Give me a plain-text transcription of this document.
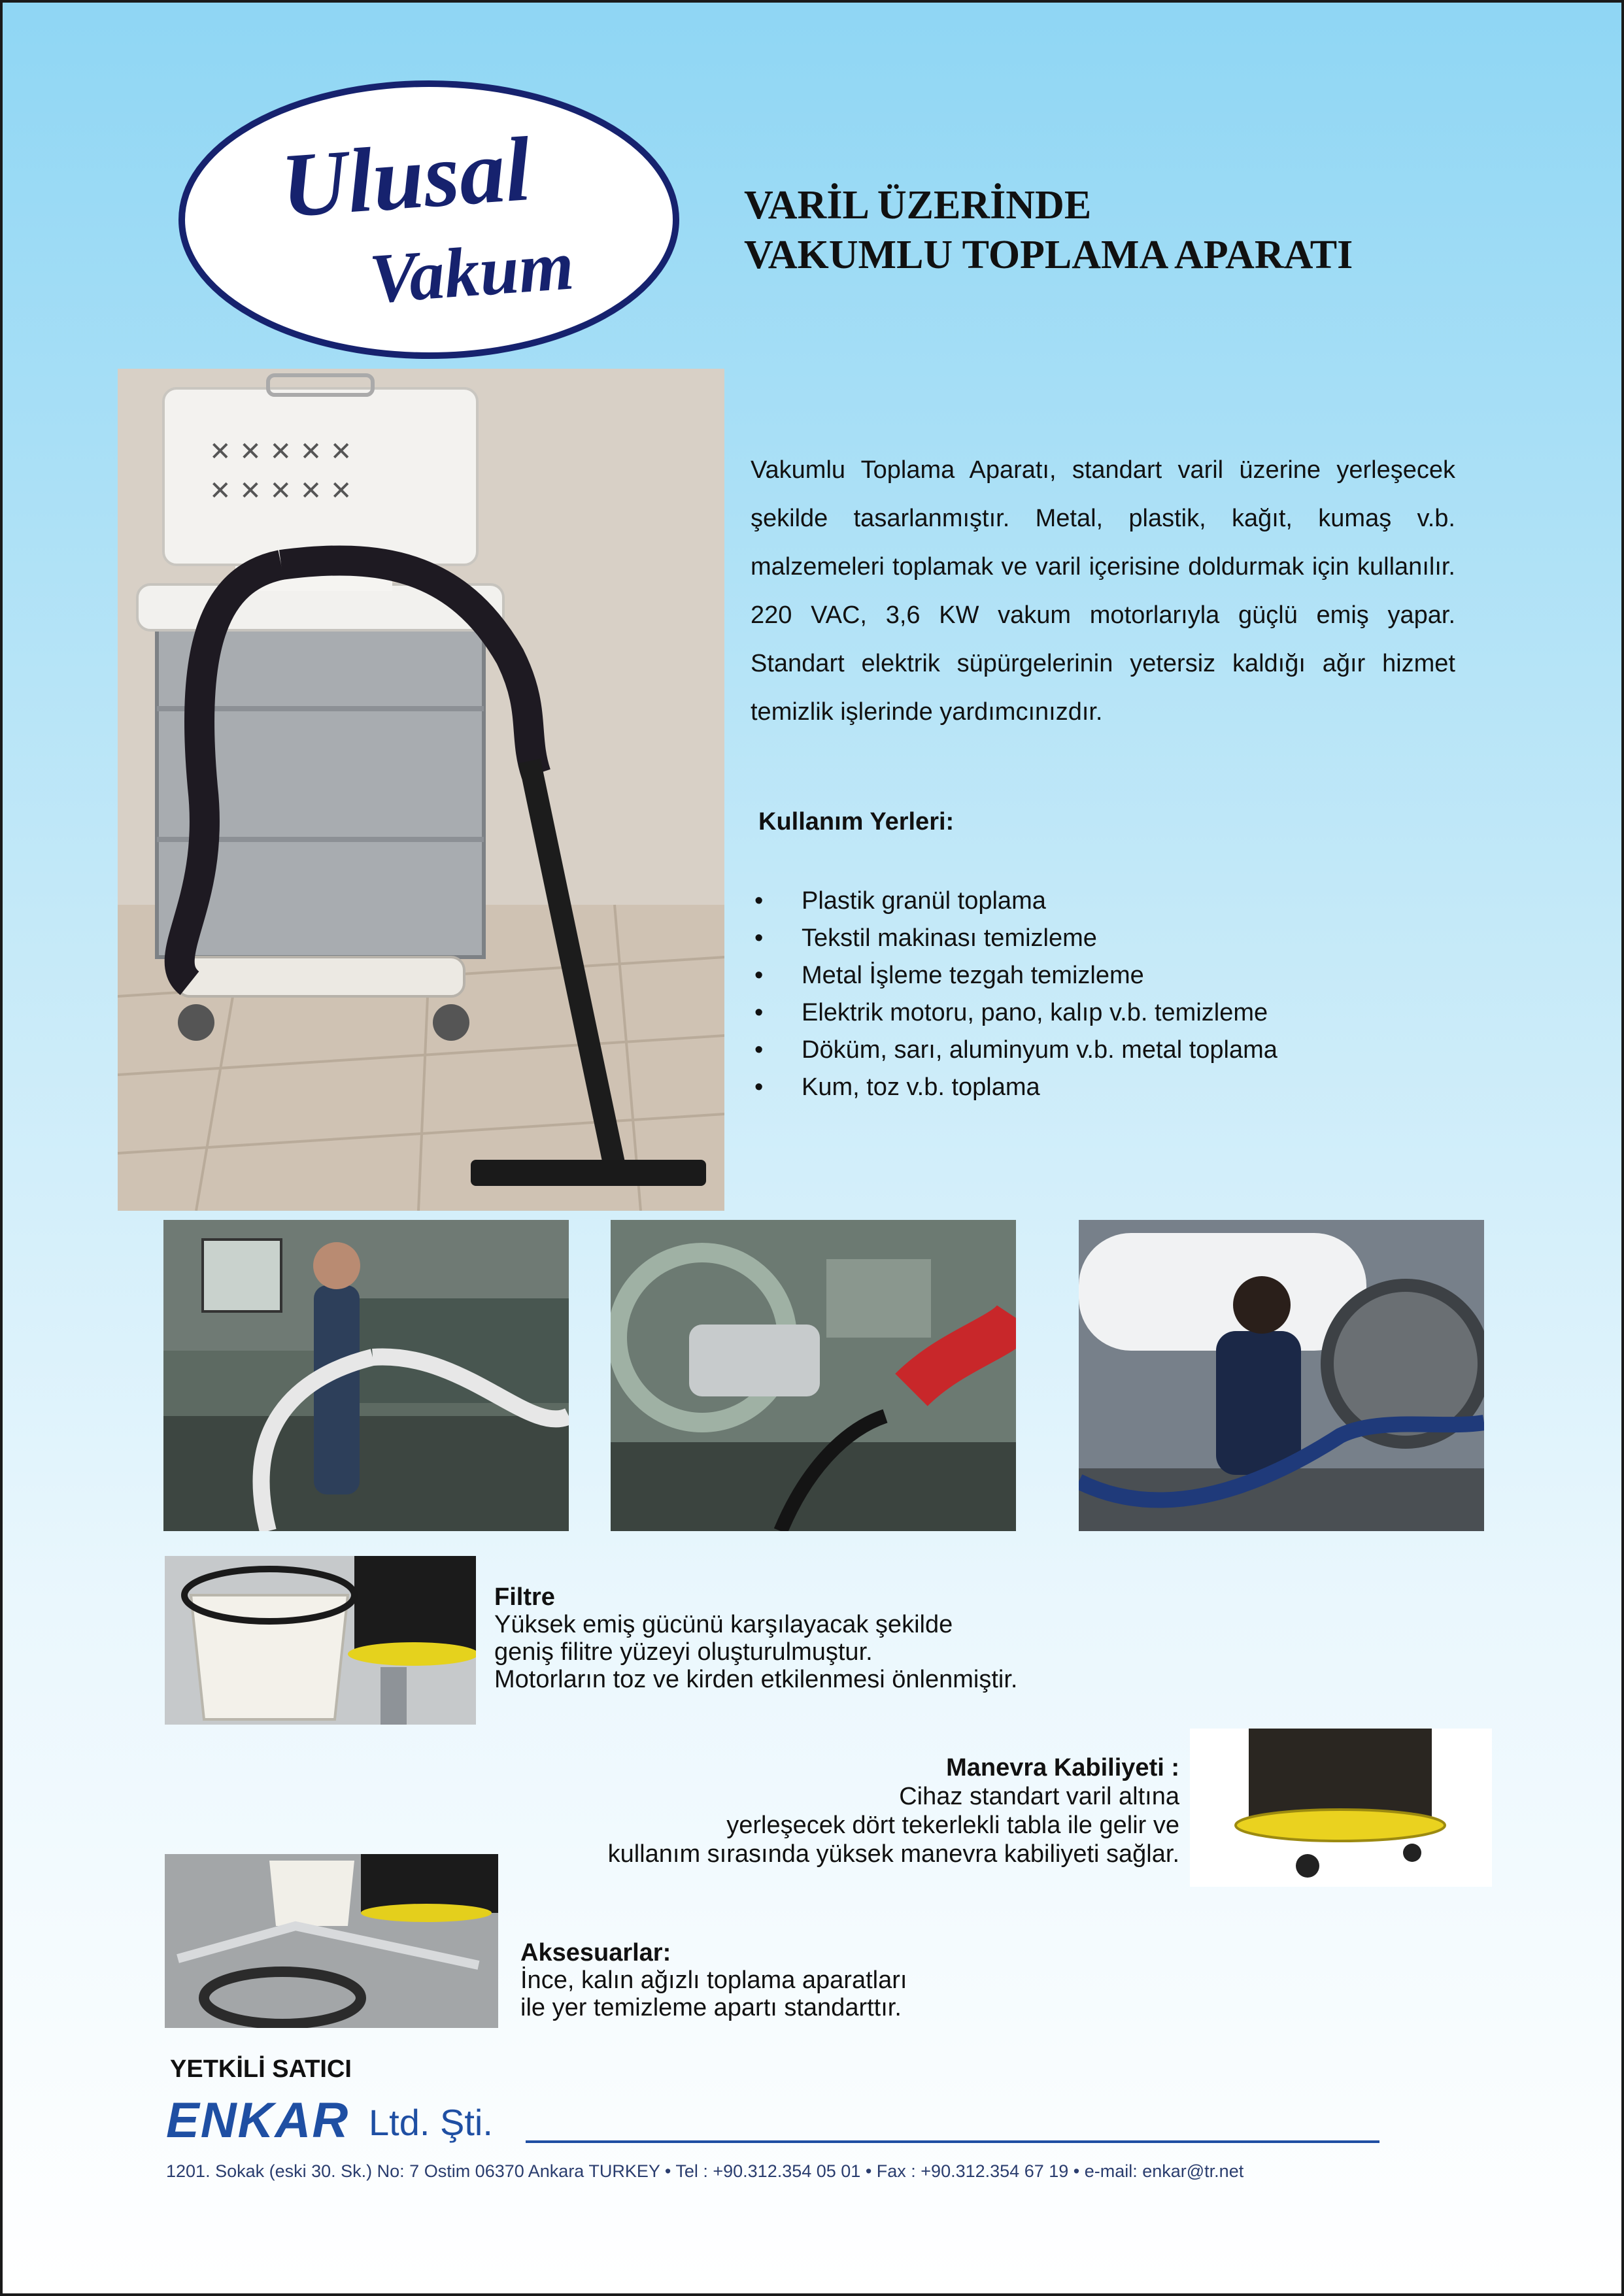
Ulusal
Vakum
VARİL ÜZERİNDE
VAKUMLU TOPLAMA APARATI
✕ ✕ ✕ ✕ ✕
✕ ✕ ✕ ✕ ✕
Vakumlu Toplama Aparatı, standart varil üzerine yerleşecek şekilde tasarlanmıştır. Metal, plastik, kağıt, kumaş v.b. malzemeleri toplamak ve varil içerisine doldurmak için kullanılır. 220 VAC, 3,6 KW vakum motorlarıyla güçlü emiş yapar. Standart elektrik süpürgelerinin yetersiz kaldığı ağır hizmet temizlik işlerinde yardımcınızdır.
Kullanım Yerleri:
• Plastik granül toplama
• Tekstil makinası temizleme
• Metal İşleme tezgah temizleme
• Elektrik motoru, pano, kalıp v.b. temizleme
• Döküm, sarı, aluminyum v.b. metal toplama
• Kum, toz v.b. toplama
Filtre
Yüksek emiş gücünü karşılayacak şekilde
geniş filitre yüzeyi oluşturulmuştur.
Motorların toz ve kirden etkilenmesi önlenmiştir.
Manevra Kabiliyeti :
Cihaz standart varil altına
yerleşecek dört tekerlekli tabla ile gelir ve
kullanım sırasında yüksek manevra kabiliyeti sağlar.
Aksesuarlar:
İnce, kalın ağızlı toplama aparatları
ile yer temizleme apartı standarttır.
YETKİLİ SATICI
ENKAR Ltd. Şti.
1201. Sokak (eski 30. Sk.) No: 7 Ostim 06370 Ankara TURKEY • Tel : +90.312.354 05 01 • Fax : +90.312.354 67 19 • e-mail: enkar@tr.net
